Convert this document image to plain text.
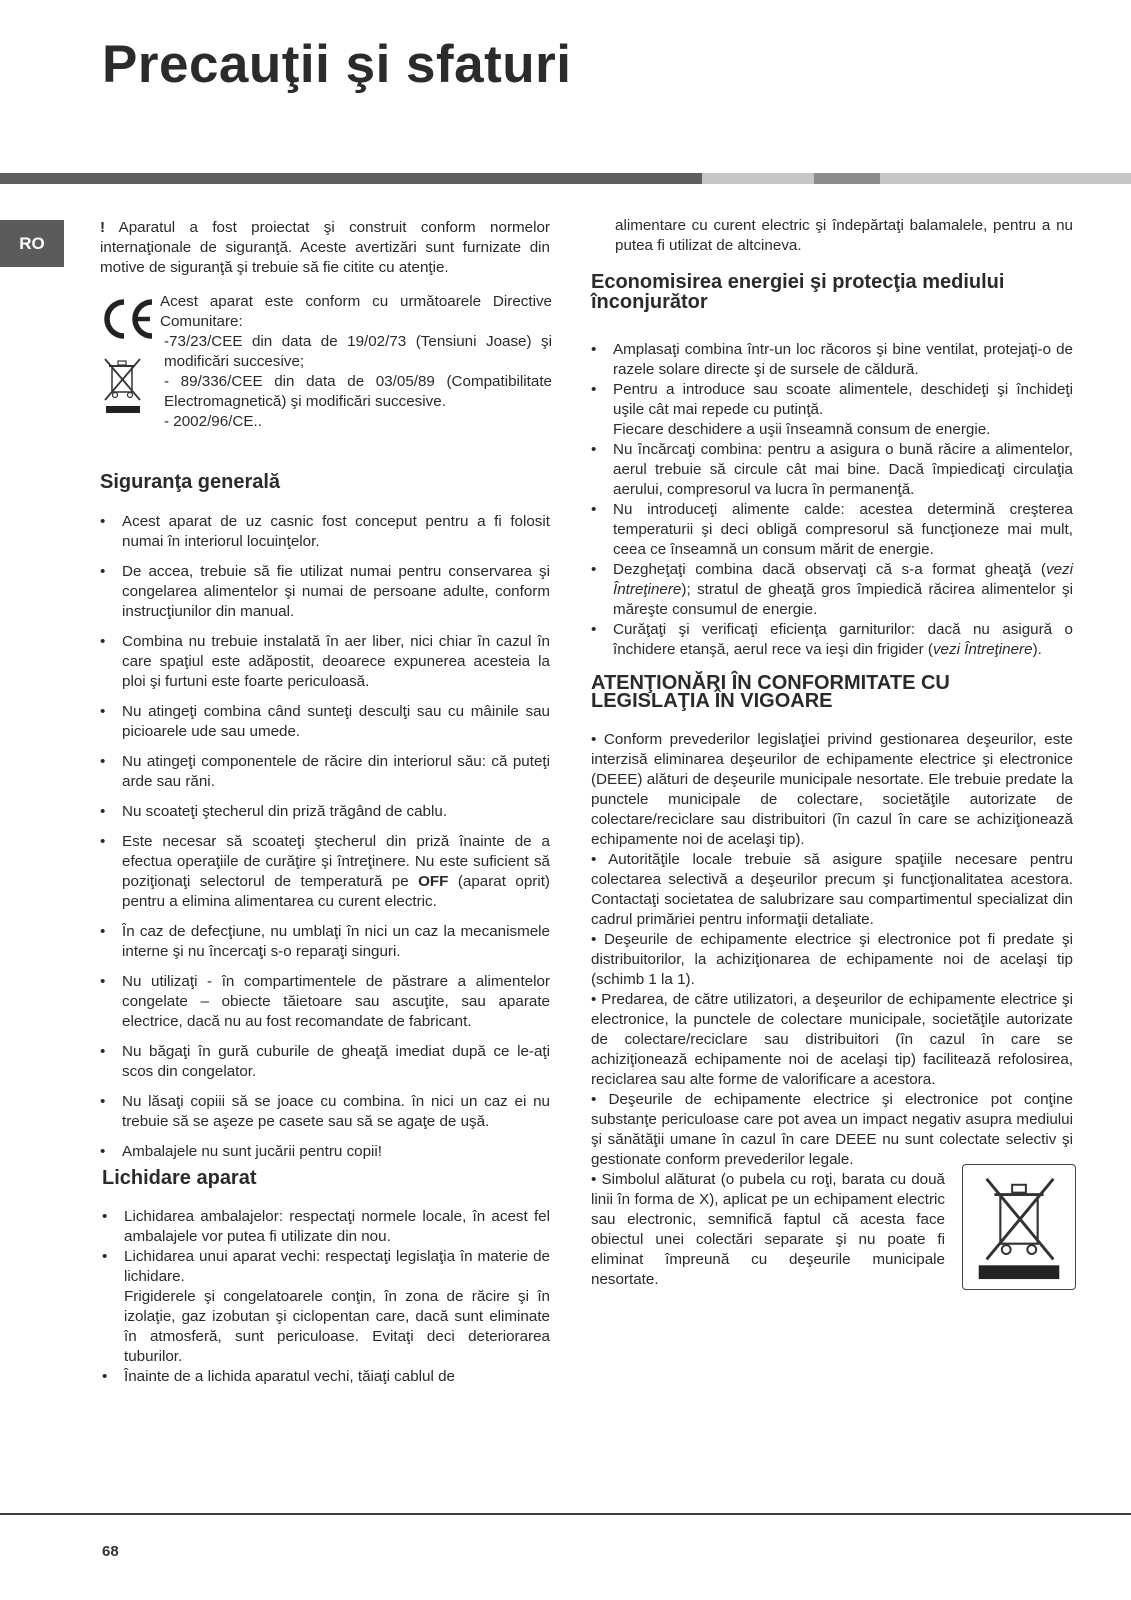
Precauţii şi sfaturi
RO

! Aparatul a fost proiectat şi construit conform normelor internaţionale de siguranţă. Aceste avertizări sunt furnizate din motive de siguranţă şi trebuie să fie citite cu atenţie.

Acest aparat este conform cu următoarele Directive Comunitare:

-73/23/CEE din data de 19/02/73 (Tensiuni Joase) şi modificări succesive;

- 89/336/CEE din data de 03/05/89 (Compatibilitate Electromagnetică) şi modificări succesive.

- 2002/96/CE..

Siguranţa generală
• Acest aparat de uz casnic fost conceput pentru a fi folosit numai în interiorul locuinţelor.
• De accea, trebuie să fie utilizat numai pentru conservarea şi congelarea alimentelor şi numai de persoane adulte, conform instrucţiunilor din manual.
• Combina nu trebuie instalată în aer liber, nici chiar în cazul în care spaţiul este adăpostit, deoarece expunerea acesteia la ploi şi furtuni este foarte periculoasă.
• Nu atingeţi combina când sunteţi desculţi sau cu mâinile sau picioarele ude sau umede.
• Nu atingeţi componentele de răcire din interiorul său: că puteţi arde sau răni.
• Nu scoateţi ştecherul din priză trăgând de cablu.
• Este necesar să scoateţi ştecherul din priză înainte de a efectua operaţiile de curăţire şi întreţinere. Nu este suficient să poziţionaţi selectorul de temperatură pe OFF (aparat oprit) pentru a elimina alimentarea cu curent electric.
• În caz de defecţiune, nu umblaţi în nici un caz la mecanismele interne şi nu încercaţi s-o reparaţi singuri.
• Nu utilizaţi - în compartimentele de păstrare a alimentelor congelate – obiecte tăietoare sau ascuţite, sau aparate electrice, dacă nu au fost recomandate de fabricant.
• Nu băgaţi în gură cuburile de gheaţă imediat după ce le-aţi scos din congelator.
• Nu lăsaţi copiii să se joace cu combina. în nici un caz ei nu trebuie să se aşeze pe casete sau să se agaţe de uşă.
• Ambalajele nu sunt jucării pentru copii!
Lichidare aparat
• Lichidarea ambalajelor: respectaţi normele locale, în acest fel ambalajele vor putea fi utilizate din nou.
• Lichidarea unui aparat vechi: respectaţi legislaţia în materie de lichidare.
Frigiderele şi congelatoarele conţin, în zona de răcire şi în izolaţie, gaz izobutan şi ciclopentan care, dacă sunt eliminate în atmosferă, sunt periculoase. Evitaţi deci deteriorarea tuburilor.
• Înainte de a lichida aparatul vechi, tăiaţi cablul de

alimentare cu curent electric şi îndepărtaţi balamalele, pentru a nu putea fi utilizat de altcineva.

Economisirea energiei şi protecţia mediului înconjurător
• Amplasaţi combina într-un loc răcoros şi bine ventilat, protejaţi-o de razele solare directe şi de sursele de căldură.
• Pentru a introduce sau scoate alimentele, deschideţi şi închideţi uşile cât mai repede cu putinţă.
Fiecare deschidere a uşii înseamnă consum de energie.
• Nu încărcaţi combina: pentru a asigura o bună răcire a alimentelor, aerul trebuie să circule cât mai bine. Dacă împiedicaţi circulaţia aerului, compresorul va lucra în permanenţă.
• Nu introduceţi alimente calde: acestea determină creşterea temperaturii şi deci obligă compresorul să funcţioneze mai mult, ceea ce înseamnă un consum mărit de energie.
• Dezgheţaţi combina dacă observaţi că s-a format gheaţă (vezi Întreţinere); stratul de gheaţă gros împiedică răcirea alimentelor şi măreşte consumul de energie.
• Curăţaţi şi verificaţi eficienţa garniturilor: dacă nu asigură o închidere etanşă, aerul rece va ieşi din frigider (vezi Întreţinere).
ATENŢIONĂRI ÎN CONFORMITATE CU LEGISLAŢIA ÎN VIGOARE

• Conform prevederilor legislaţiei privind gestionarea deşeurilor, este interzisă eliminarea deşeurilor de echipamente electrice şi electronice (DEEE) alături de deşeurile municipale nesortate. Ele trebuie predate la punctele municipale de colectare, societăţile autorizate de colectare/reciclare sau distribuitori (în cazul în care se achiziţionează echipamente noi de acelaşi tip).

• Autorităţile locale trebuie să asigure spaţiile necesare pentru colectarea selectivă a deşeurilor precum şi funcţionalitatea acestora. Contactaţi societatea de salubrizare sau compartimentul specializat din cadrul primăriei pentru informaţii detaliate.

• Deşeurile de echipamente electrice şi electronice pot fi predate şi distribuitorilor, la achiziţionarea de echipamente noi de acelaşi tip (schimb 1 la 1).

• Predarea, de către utilizatori, a deşeurilor de echipamente electrice şi electronice, la punctele de colectare municipale, societăţile autorizate de colectare/reciclare sau distribuitori (în cazul în care se achiziţionează echipamente noi de acelaşi tip) facilitează refolosirea, reciclarea sau alte forme de valorificare a acestora.

• Deşeurile de echipamente electrice şi electronice pot conţine substanţe periculoase care pot avea un impact negativ asupra mediului şi sănătăţii umane în cazul în care DEEE nu sunt colectate selectiv şi gestionate conform prevederilor legale.

• Simbolul alăturat (o pubela cu roţi, barata cu două linii în forma de X), aplicat pe un echipament electric sau electronic, semnifică faptul că acesta face obiectul unei colectări separate şi nu poate fi eliminat împreună cu deşeurile municipale nesortate.

68
